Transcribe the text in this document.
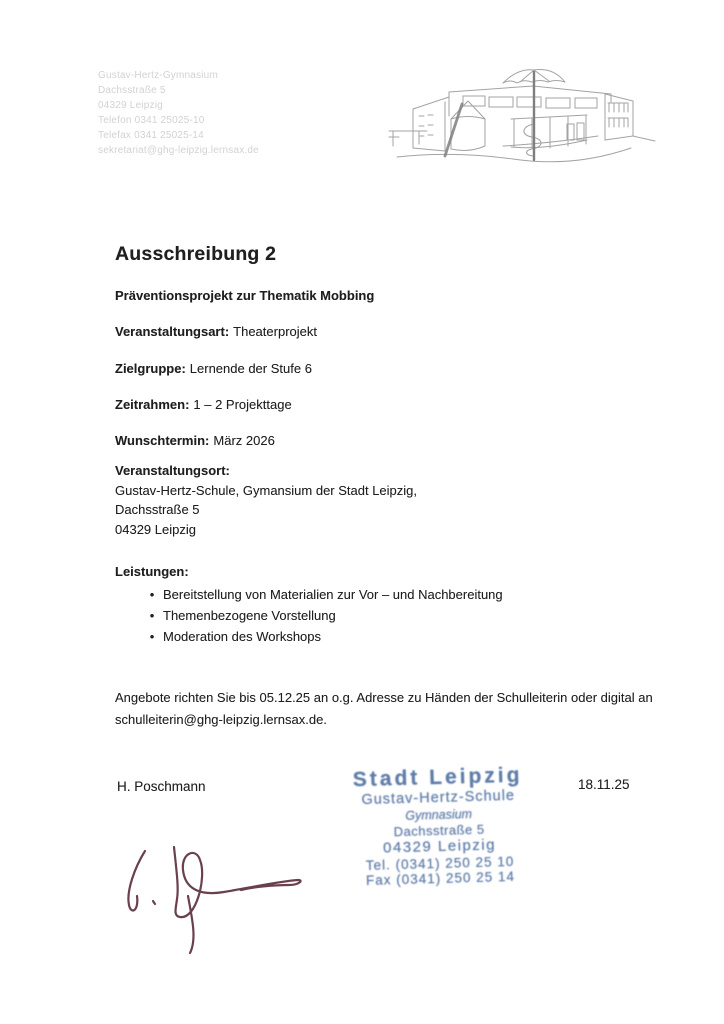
Gustav-Hertz-Gymnasium
Dachsstraße 5
04329 Leipzig
Telefon 0341 25025-10
Telefax 0341 25025-14
sekretariat@ghg-leipzig.lernsax.de
Ausschreibung 2
Präventionsprojekt zur Thematik Mobbing
Veranstaltungsart: Theaterprojekt
Zielgruppe: Lernende der Stufe 6
Zeitrahmen: 1 – 2 Projekttage
Wunschtermin: März 2026
Veranstaltungsort:
Gustav-Hertz-Schule, Gymansium der Stadt Leipzig,
Dachsstraße 5
04329 Leipzig
Leistungen:
• Bereitstellung von Materialien zur Vor – und Nachbereitung
• Themenbezogene Vorstellung
• Moderation des Workshops
Angebote richten Sie bis 05.12.25 an o.g. Adresse zu Händen der Schulleiterin oder digital an schulleiterin@ghg-leipzig.lernsax.de.
H. Poschmann	18.11.25
Stadt Leipzig
Gustav-Hertz-Schule
Gymnasium
Dachsstraße 5
04329 Leipzig
Tel. (0341) 250 25 10
Fax (0341) 250 25 14
